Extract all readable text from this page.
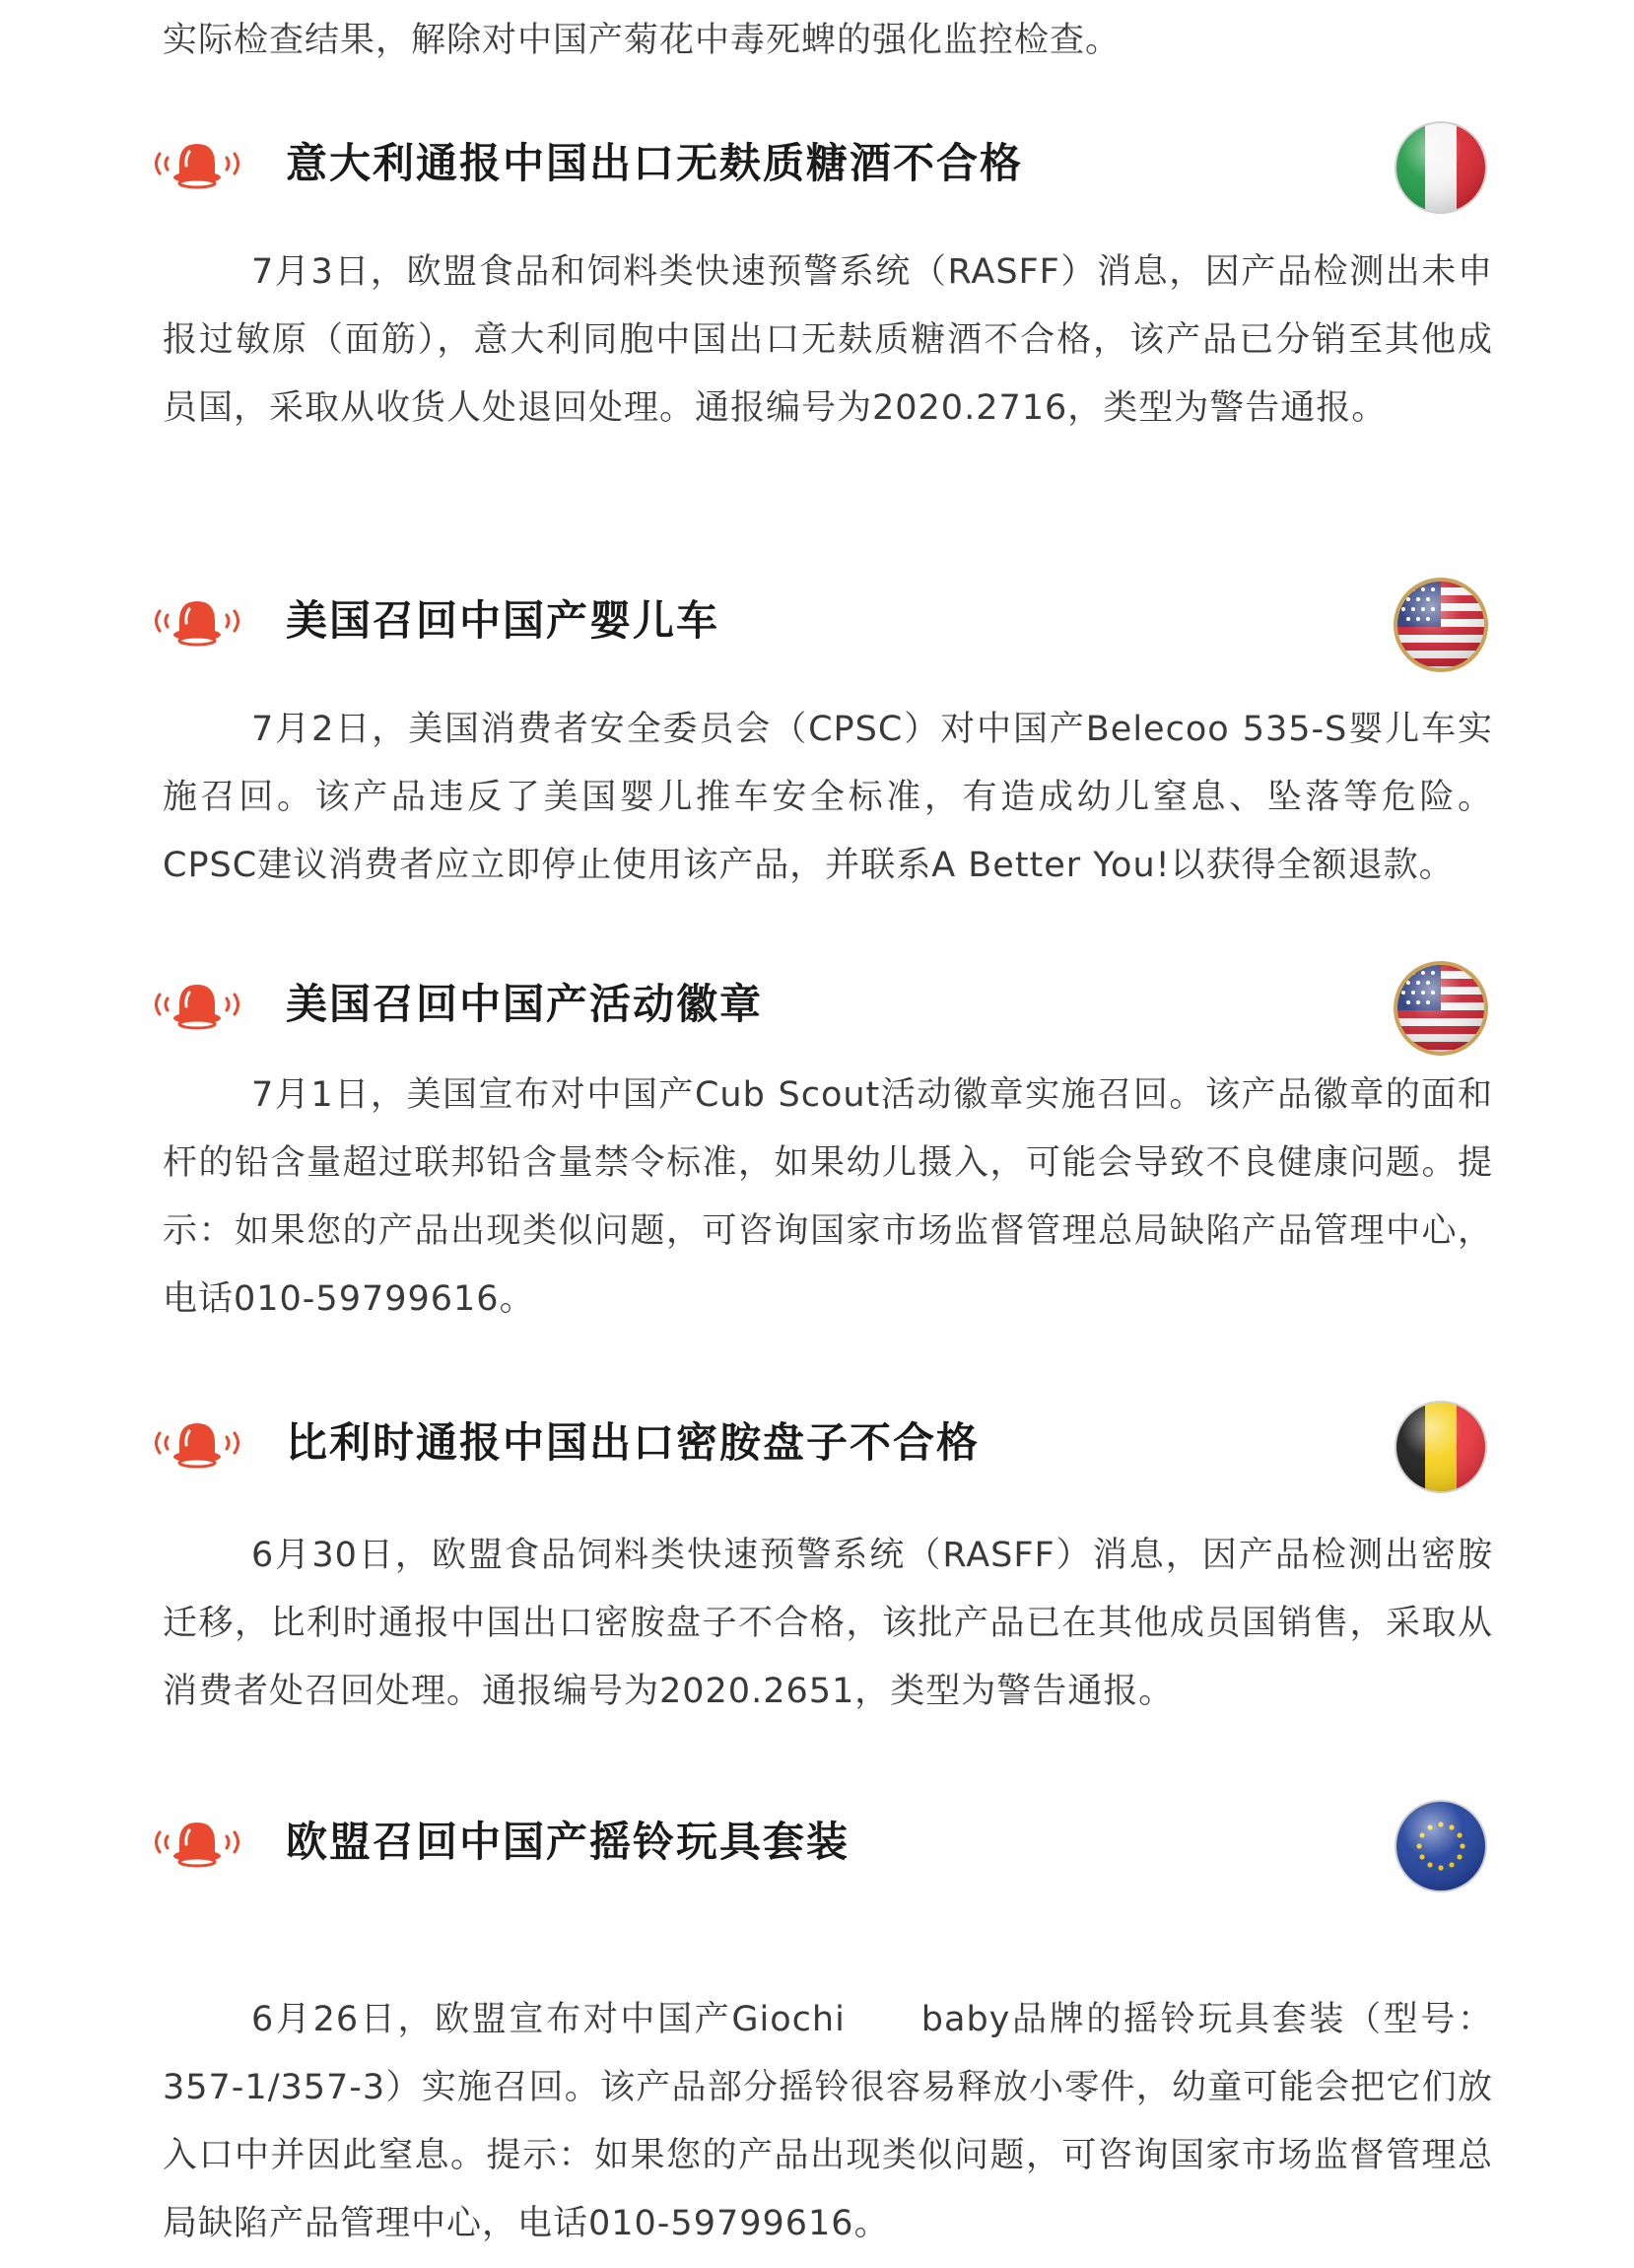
实际检查结果，解除对中国产菊花中毒死蜱的强化监控检查。

意大利通报中国出口无麸质糖酒不合格

7月3日，欧盟食品和饲料类快速预警系统（RASFF）消息，因产品检测出未申报过敏原（面筋），意大利同胞中国出口无麸质糖酒不合格，该产品已分销至其他成员国，采取从收货人处退回处理。通报编号为2020.2716，类型为警告通报。

美国召回中国产婴儿车

7月2日，美国消费者安全委员会（CPSC）对中国产Belecoo 535-S婴儿车实施召回。该产品违反了美国婴儿推车安全标准，有造成幼儿窒息、坠落等危险。CPSC建议消费者应立即停止使用该产品，并联系A Better You!以获得全额退款。

美国召回中国产活动徽章

7月1日，美国宣布对中国产Cub Scout活动徽章实施召回。该产品徽章的面和杆的铅含量超过联邦铅含量禁令标准，如果幼儿摄入，可能会导致不良健康问题。提示：如果您的产品出现类似问题，可咨询国家市场监督管理总局缺陷产品管理中心，电话010-59799616。

比利时通报中国出口密胺盘子不合格

6月30日，欧盟食品饲料类快速预警系统（RASFF）消息，因产品检测出密胺迁移，比利时通报中国出口密胺盘子不合格，该批产品已在其他成员国销售，采取从消费者处召回处理。通报编号为2020.2651，类型为警告通报。

欧盟召回中国产摇铃玩具套装

6月26日，欧盟宣布对中国产Giochi　　baby品牌的摇铃玩具套装（型号：357-1/357-3）实施召回。该产品部分摇铃很容易释放小零件，幼童可能会把它们放入口中并因此窒息。提示：如果您的产品出现类似问题，可咨询国家市场监督管理总局缺陷产品管理中心，电话010-59799616。
